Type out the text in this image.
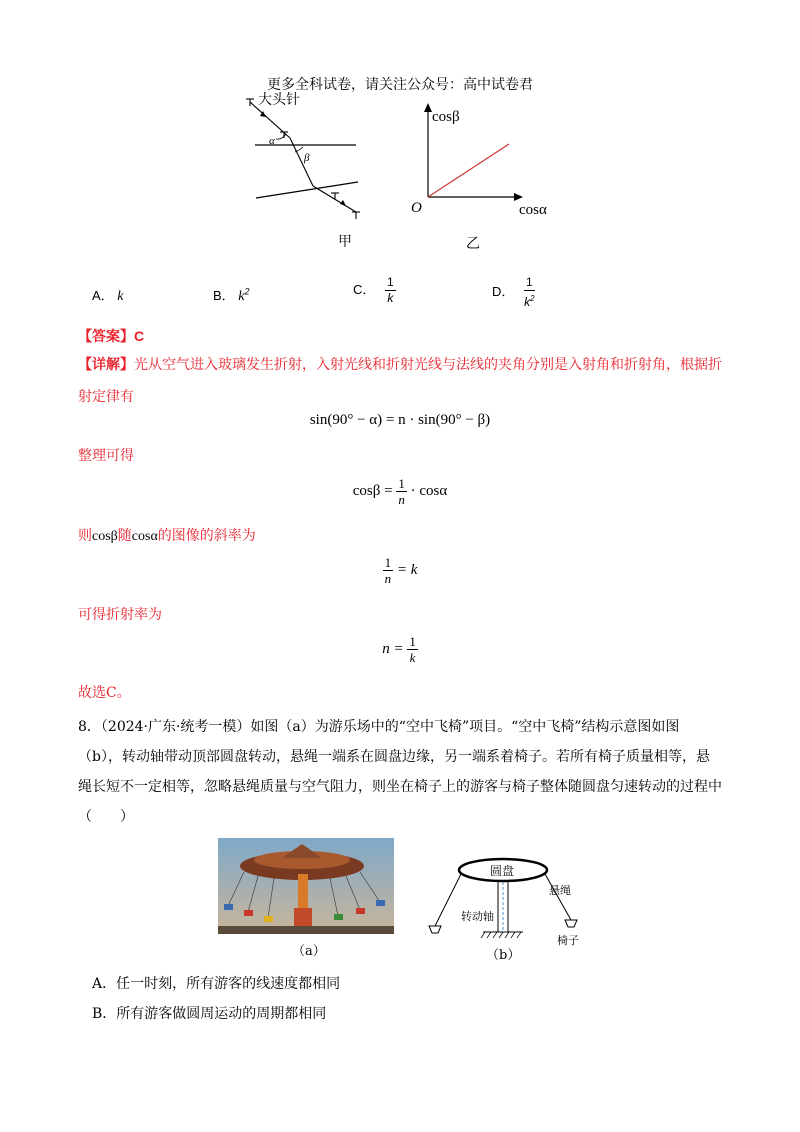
更多全科试卷，请关注公众号：高中试卷君
大头针
α
β
甲
cosβ
cosα
O
乙
A． k	B． $k^2$	C． $\frac{1}{k}$	D． $\frac{1}{k^2}$
【答案】C
【详解】光从空气进入玻璃发生折射，入射光线和折射光线与法线的夹角分别是入射角和折射角，根据折
射定律有
sin(90° − α) = n · sin(90° − β)
整理可得
$\cos\beta = \frac{1}{n} \cdot \cos\alpha$
则cosβ随cosα的图像的斜率为
$\frac{1}{n} = k$
可得折射率为
$n = \frac{1}{k}$
故选C。
8．（2024·广东·统考一模）如图（a）为游乐场中的“空中飞椅”项目。“空中飞椅”结构示意图如图
（b），转动轴带动顶部圆盘转动，悬绳一端系在圆盘边缘，另一端系着椅子。若所有椅子质量相等，悬
绳长短不一定相等，忽略悬绳质量与空气阻力，则坐在椅子上的游客与椅子整体随圆盘匀速转动的过程中
（　　）
（a）
圆盘
悬绳
转动轴
椅子
（b）
A．任一时刻，所有游客的线速度都相同
B．所有游客做圆周运动的周期都相同
